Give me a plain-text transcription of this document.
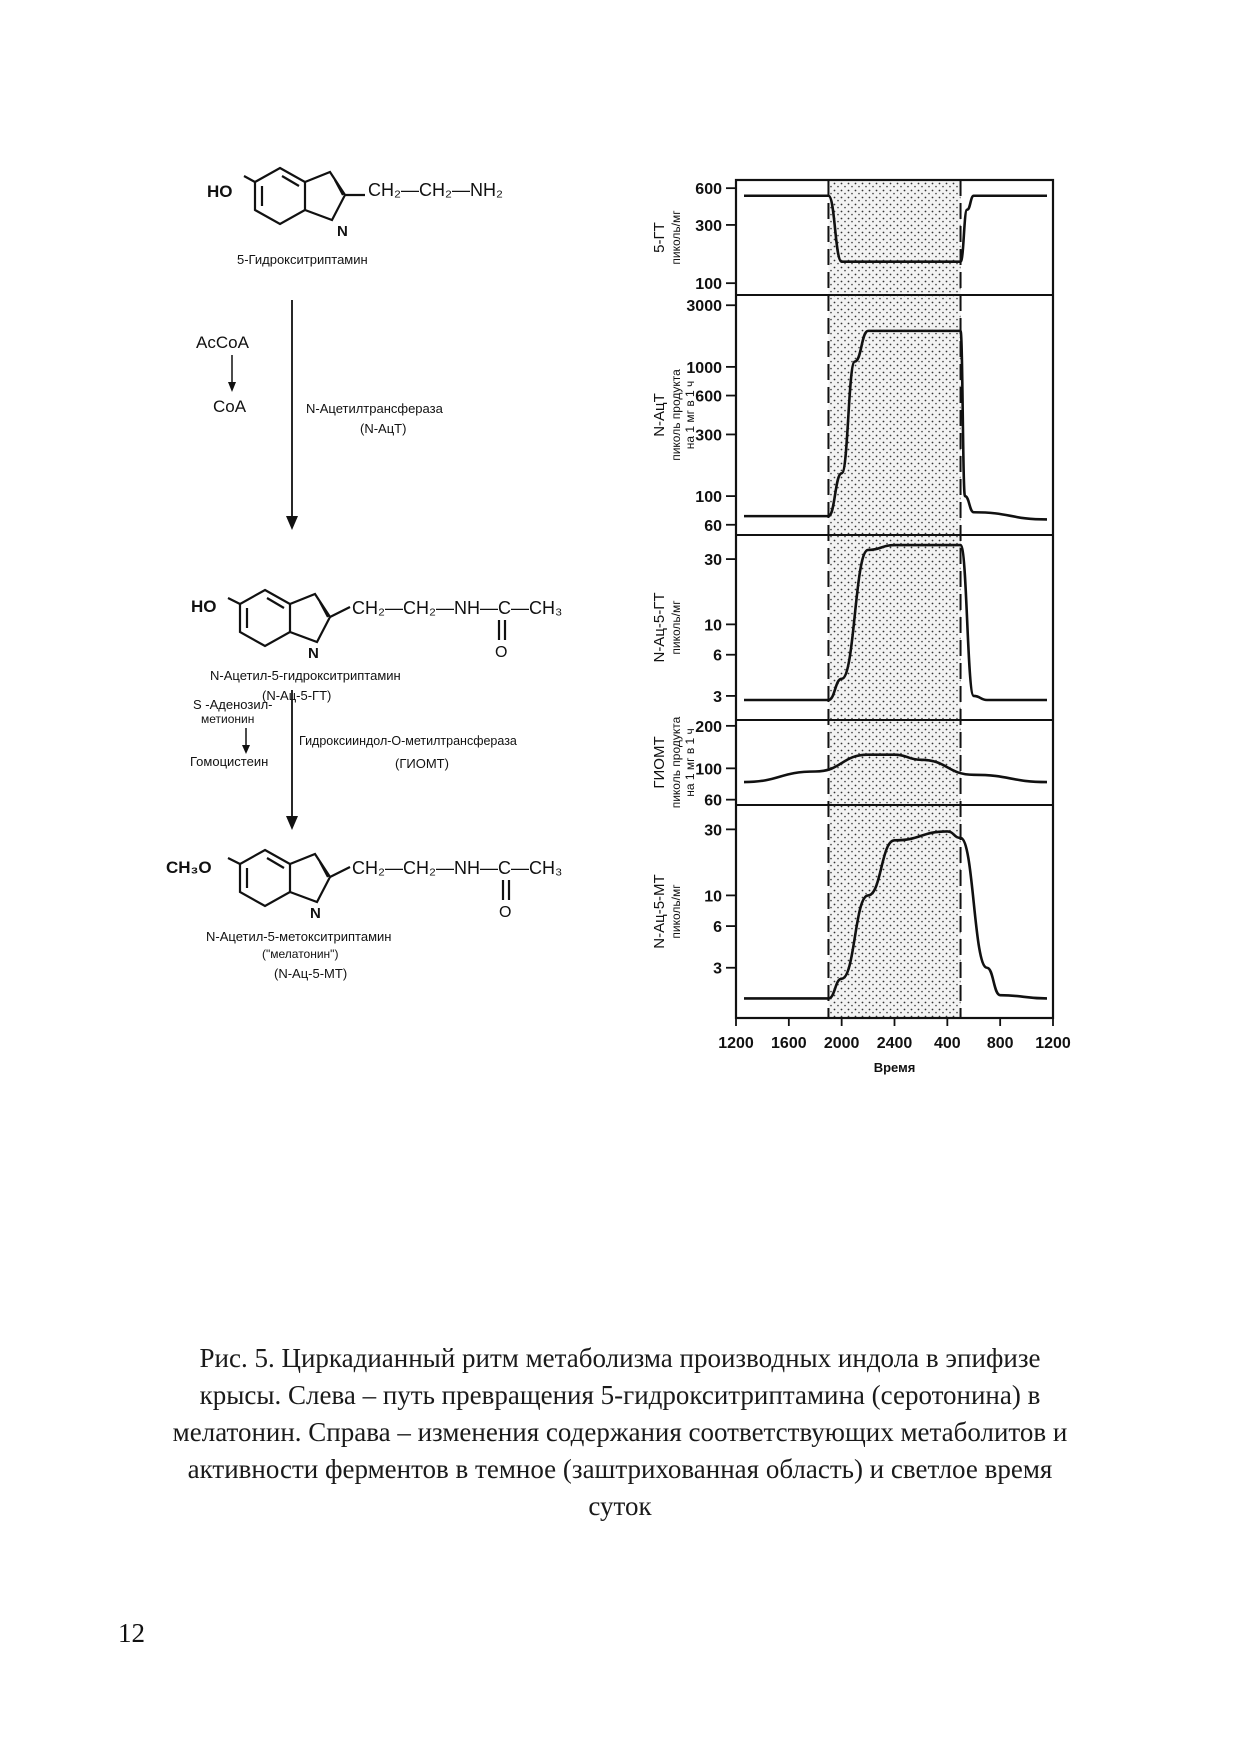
HO	CH₂—CH₂—NH₂
N
5-Гидрокситриптамин
AcCoA
CoA	N-Ацетилтрансфераза
(N-АцТ)
HO	CH₂—CH₂—NH—C—CH₃
O
N
N-Ацетил-5-гидрокситриптамин
(N-Ац-5-ГТ)
S -Аденозил-
метионин
Гомоцистеин
Гидроксииндол-О-метилтрансфераза
(ГИОМТ)
CH₃O	CH₂—CH₂—NH—C—CH₃
O
N
N-Ацетил-5-метокситриптамин
("мелатонин")
(N-Ац-5-МТ)
600
300
100
5-ГТ пиколь/мг
3000
1000
600
300
100
60
N-АцТ пиколь продукта на 1 мг в 1 ч
30
10
6
3
N-Ац-5-ГТ пиколь/мг
200
100
60
ГИОМТ пиколь продукта на 1 мг в 1 ч
30
10
6
3
N-Ац-5-МТ пиколь/мг
1200 1600 2000 2400 400 800 1200
Время
Рис. 5. Циркадианный ритм метаболизма производных индола в эпифизе
крысы. Слева – путь превращения 5-гидрокситриптамина (серотонина) в
мелатонин. Справа – изменения содержания соответствующих метаболитов и
активности ферментов в темное (заштрихованная область) и светлое время
суток
12
